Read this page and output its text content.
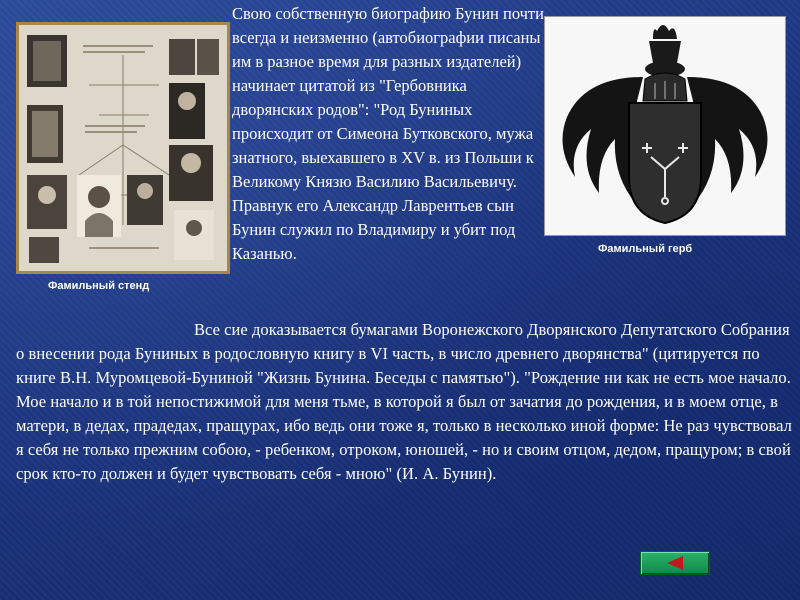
Фамильный стенд
Фамильный герб

Свою собственную биографию Бунин почти всегда и неизменно (автобиографии писаны им в разное время для разных издателей) начинает цитатой из "Гербовника дворянских родов": "Род Буниных происходит от Симеона Бутковского, мужа знатного, выехавшего в XV в. из Польши к Великому Князю Василию Васильевичу. Правнук его Александр Лаврентьев сын Бунин служил по Владимиру и убит под Казанью.

Все сие доказывается бумагами Воронежского Дворянского Депутатского Собрания о внесении рода Буниных в родословную книгу в VI часть, в число древнего дворянства" (цитируется по книге В.Н. Муромцевой-Буниной "Жизнь Бунина. Беседы с памятью"). "Рождение ни как не есть мое начало. Мое начало и в той непостижимой для меня тьме, в которой я был от зачатия до рождения, и в моем отце, в матери, в дедах, прадедах, пращурах, ибо ведь они тоже я, только в несколько иной форме: Не раз чувствовал я себя не только прежним собою, - ребенком, отроком, юношей, - но и своим отцом, дедом, пращуром; в свой срок кто-то должен и будет чувствовать себя - мною" (И. А. Бунин).
